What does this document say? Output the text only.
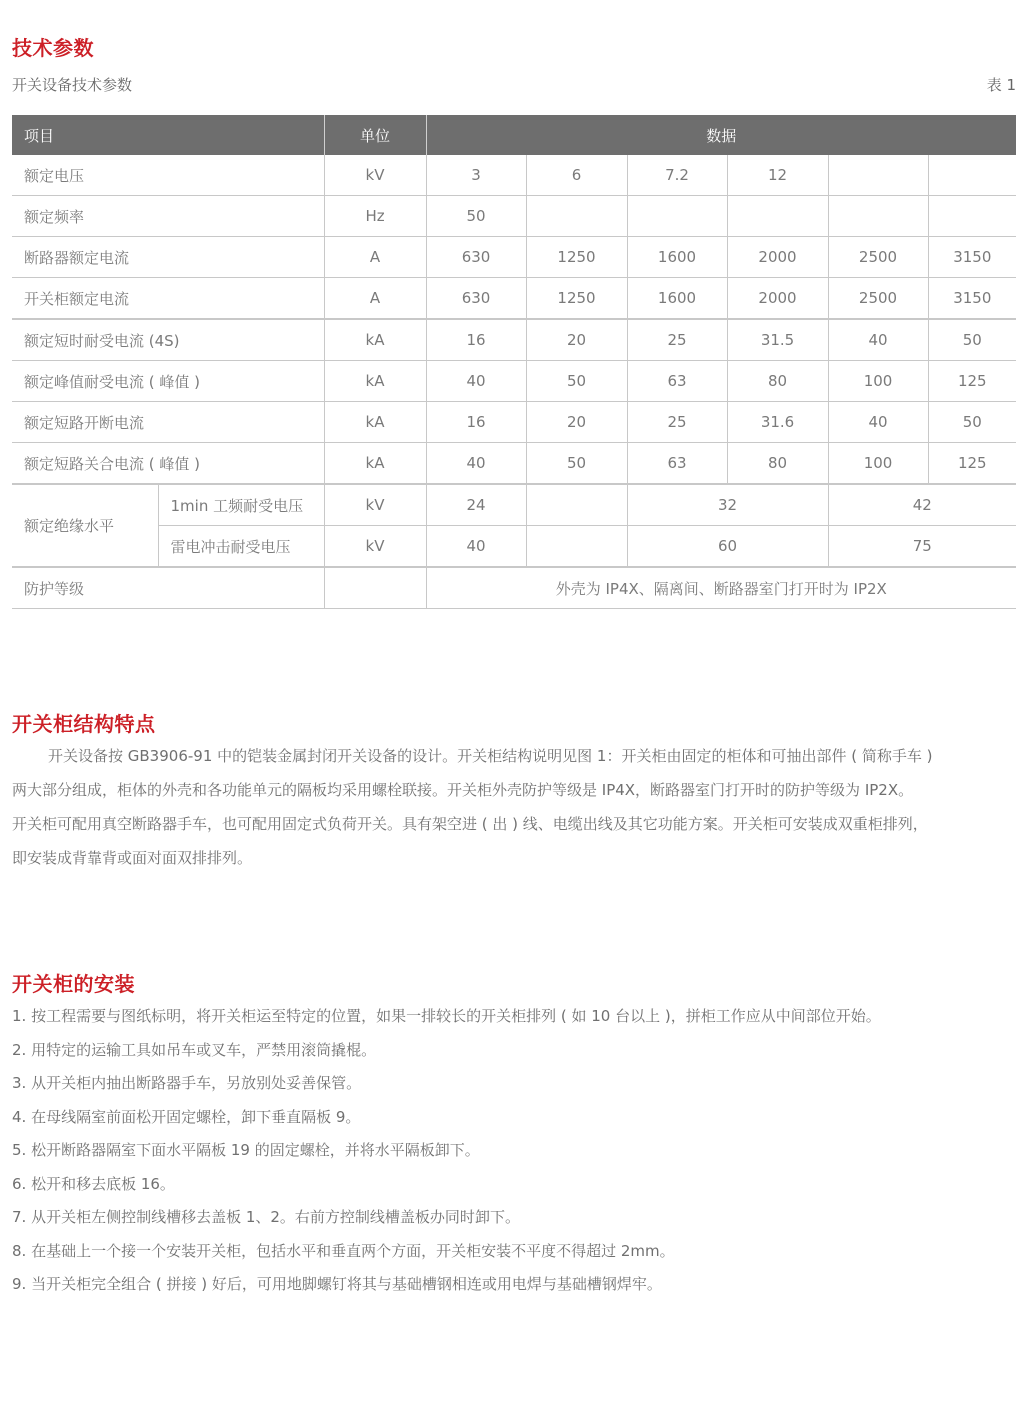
技术参数
开关设备技术参数	表 1
项目		单位	数据					
额定电压		kV	3	6	7.2	12		
额定频率		Hz	50					
断路器额定电流		A	630	1250	1600	2000	2500	3150
开关柜额定电流		A	630	1250	1600	2000	2500	3150
额定短时耐受电流 (4S)		kA	16	20	25	31.5	40	50
额定峰值耐受电流 ( 峰值 )		kA	40	50	63	80	100	125
额定短路开断电流		kA	16	20	25	31.6	40	50
额定短路关合电流 ( 峰值 )		kA	40	50	63	80	100	125
额定绝缘水平	1min 工频耐受电压	kV	24		32		42	
	雷电冲击耐受电压	kV	40		60		75	
防护等级			外壳为 IP4X、隔离间、断路器室门打开时为 IP2X					
开关柜结构特点

开关设备按 GB3906-91 中的铠装金属封闭开关设备的设计。开关柜结构说明见图 1：开关柜由固定的柜体和可抽出部件 ( 简称手车 )

两大部分组成，柜体的外壳和各功能单元的隔板均采用螺栓联接。开关柜外壳防护等级是 IP4X，断路器室门打开时的防护等级为 IP2X。

开关柜可配用真空断路器手车，也可配用固定式负荷开关。具有架空进 ( 出 ) 线、电缆出线及其它功能方案。开关柜可安装成双重柜排列，

即安装成背靠背或面对面双排排列。

开关柜的安装
1. 按工程需要与图纸标明，将开关柜运至特定的位置，如果一排较长的开关柜排列 ( 如 10 台以上 )，拼柜工作应从中间部位开始。
2. 用特定的运输工具如吊车或叉车，严禁用滚筒撬棍。
3. 从开关柜内抽出断路器手车，另放别处妥善保管。
4. 在母线隔室前面松开固定螺栓，卸下垂直隔板 9。
5. 松开断路器隔室下面水平隔板 19 的固定螺栓，并将水平隔板卸下。
6. 松开和移去底板 16。
7. 从开关柜左侧控制线槽移去盖板 1、2。右前方控制线槽盖板办同时卸下。
8. 在基础上一个接一个安装开关柜，包括水平和垂直两个方面，开关柜安装不平度不得超过 2mm。
9. 当开关柜完全组合 ( 拼接 ) 好后，可用地脚螺钉将其与基础槽钢相连或用电焊与基础槽钢焊牢。
